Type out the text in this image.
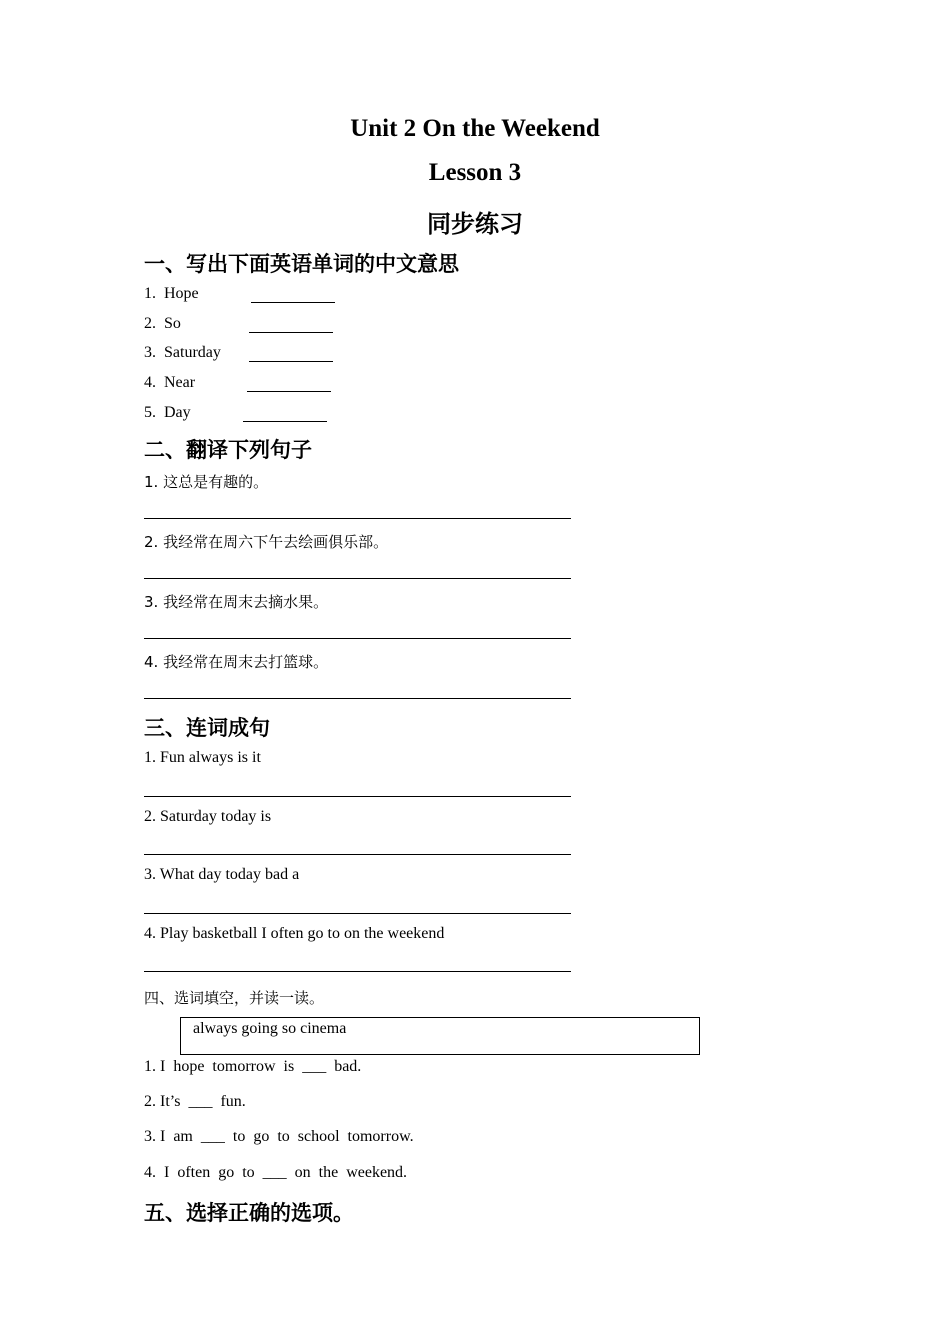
Unit 2 On the Weekend
Lesson 3
同步练习
一、写出下面英语单词的中文意思
1. Hope
2. So
3. Saturday
4. Near
5. Day
二、翻译下列句子
1. 这总是有趣的。
2. 我经常在周六下午去绘画俱乐部。
3. 我经常在周末去摘水果。
4. 我经常在周末去打篮球。
三、连词成句
1. Fun always is it
2. Saturday today is
3. What day today bad a
4. Play basketball I often go to on the weekend
四、选词填空，并读一读。
always going so cinema
1. I  hope  tomorrow  is  ___  bad.
2. It’s  ___  fun.
3. I  am  ___  to  go  to  school  tomorrow.
4.  I  often  go  to  ___  on  the  weekend.
五、选择正确的选项。
